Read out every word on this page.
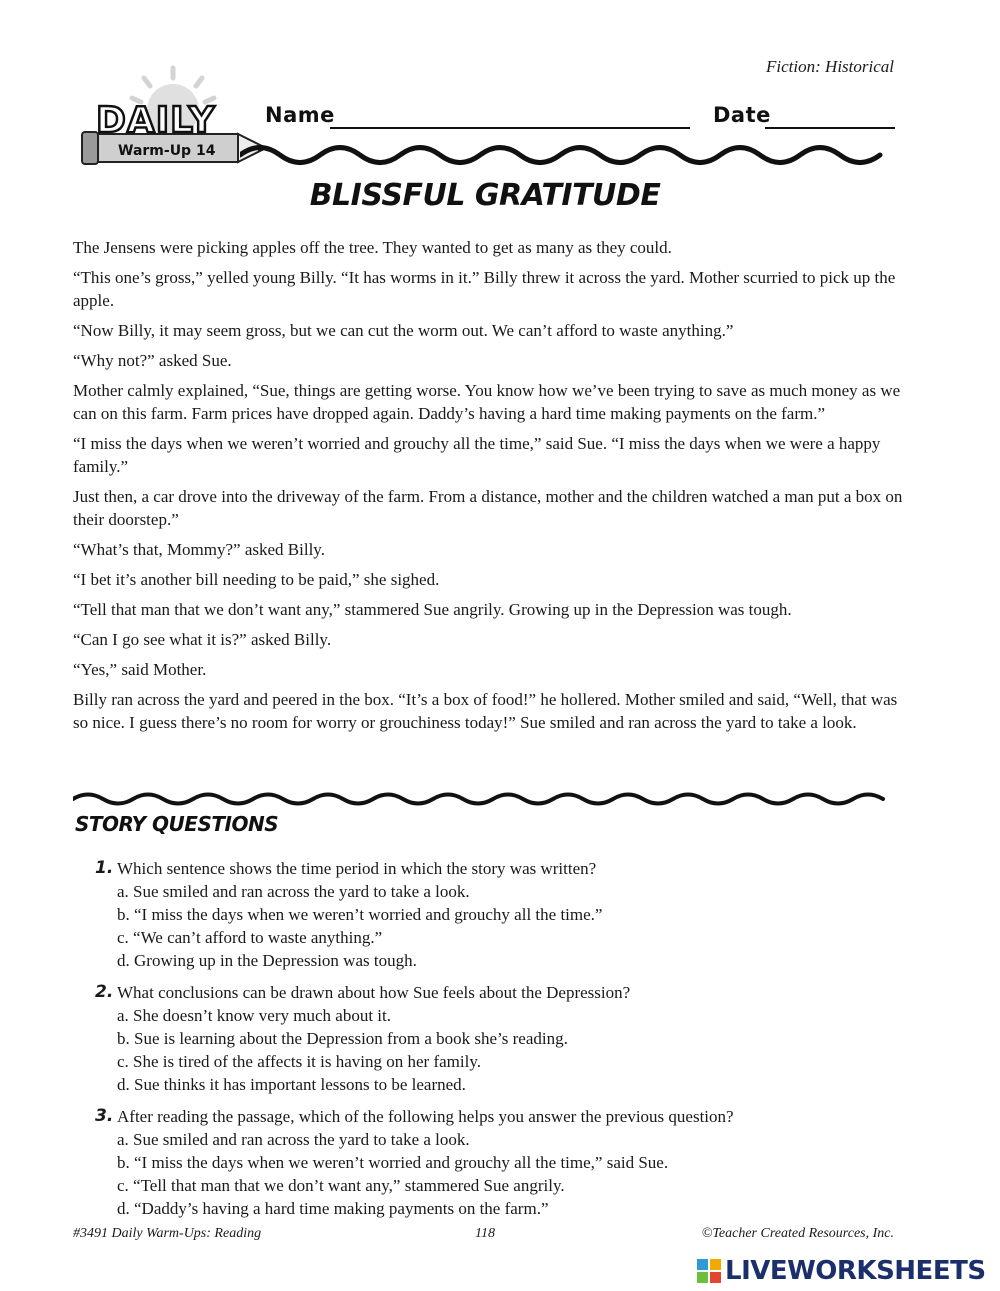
Fiction: Historical
DAILY
Warm-Up 14
Name	Date
BLISSFUL GRATITUDE

The Jensens were picking apples off the tree. They wanted to get as many as they could.

“This one’s gross,” yelled young Billy. “It has worms in it.” Billy threw it across the yard. Mother scurried to pick up the apple.

“Now Billy, it may seem gross, but we can cut the worm out. We can’t afford to waste anything.”

“Why not?” asked Sue.

Mother calmly explained, “Sue, things are getting worse. You know how we’ve been trying to save as much money as we can on this farm. Farm prices have dropped again. Daddy’s having a hard time making payments on the farm.”

“I miss the days when we weren’t worried and grouchy all the time,” said Sue. “I miss the days when we were a happy family.”

Just then, a car drove into the driveway of the farm. From a distance, mother and the children watched a man put a box on their doorstep.”

“What’s that, Mommy?” asked Billy.

“I bet it’s another bill needing to be paid,” she sighed.

“Tell that man that we don’t want any,” stammered Sue angrily. Growing up in the Depression was tough.

“Can I go see what it is?” asked Billy.

“Yes,” said Mother.

Billy ran across the yard and peered in the box. “It’s a box of food!” he hollered. Mother smiled and said, “Well, that was so nice. I guess there’s no room for worry or grouchiness today!” Sue smiled and ran across the yard to take a look.

STORY QUESTIONS
1. Which sentence shows the time period in which the story was written?
a. Sue smiled and ran across the yard to take a look.
b. “I miss the days when we weren’t worried and grouchy all the time.”
c. “We can’t afford to waste anything.”
d. Growing up in the Depression was tough.
2. What conclusions can be drawn about how Sue feels about the Depression?
a. She doesn’t know very much about it.
b. Sue is learning about the Depression from a book she’s reading.
c. She is tired of the affects it is having on her family.
d. Sue thinks it has important lessons to be learned.
3. After reading the passage, which of the following helps you answer the previous question?
a. Sue smiled and ran across the yard to take a look.
b. “I miss the days when we weren’t worried and grouchy all the time,” said Sue.
c. “Tell that man that we don’t want any,” stammered Sue angrily.
d. “Daddy’s having a hard time making payments on the farm.”
#3491 Daily Warm-Ups: Reading	118	©Teacher Created Resources, Inc.
LIVEWORKSHEETS
